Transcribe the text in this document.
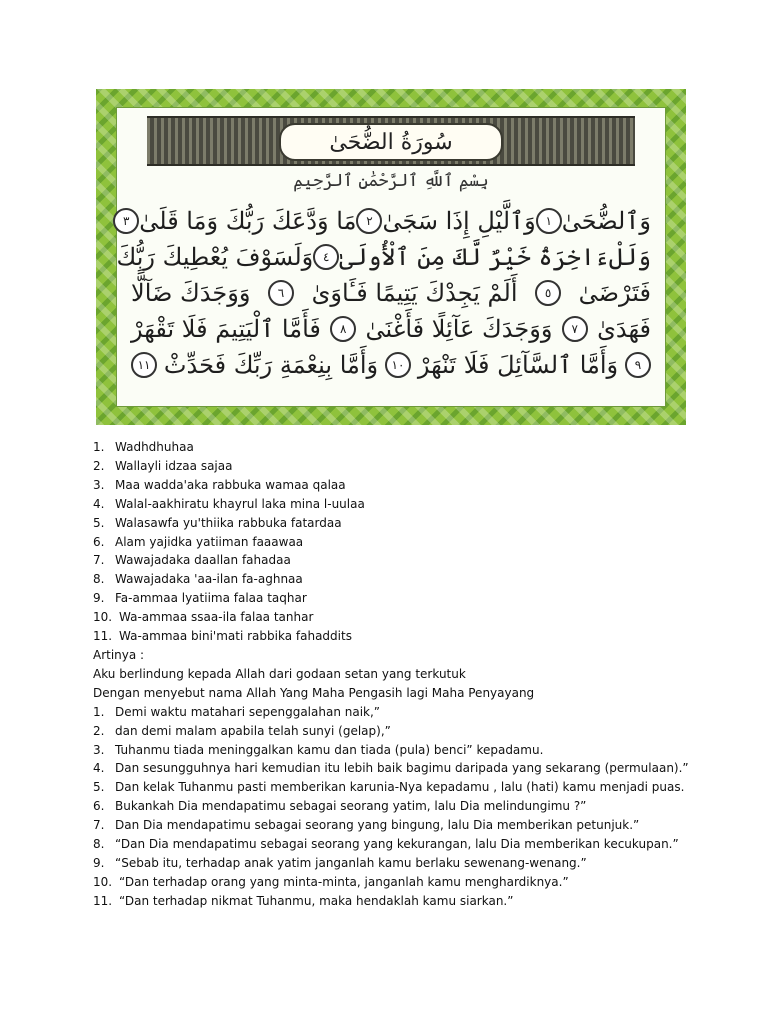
سُورَةُ الضُّحَىٰ
بِسْمِ ٱللَّهِ ٱلرَّحْمَٰنِ ٱلرَّحِيمِ
وَٱلضُّحَىٰ
١
وَٱلَّيْلِ إِذَا سَجَىٰ
٢
مَا وَدَّعَكَ رَبُّكَ وَمَا قَلَىٰ
٣
وَلَلْءَاخِرَةُ خَيْرٌ لَّكَ مِنَ ٱلْأُولَىٰ
٤
وَلَسَوْفَ يُعْطِيكَ رَبُّكَ
فَتَرْضَىٰ
٥
أَلَمْ يَجِدْكَ يَتِيمًا فَـَٔاوَىٰ
٦
وَوَجَدَكَ ضَآلًّا
فَهَدَىٰ
٧
وَوَجَدَكَ عَآئِلًا فَأَغْنَىٰ
٨
فَأَمَّا ٱلْيَتِيمَ فَلَا تَقْهَرْ
٩
وَأَمَّا ٱلسَّآئِلَ فَلَا تَنْهَرْ
١٠
وَأَمَّا بِنِعْمَةِ رَبِّكَ فَحَدِّثْ
١١
1. Wadhdhuhaa
2. Wallayli idzaa sajaa
3. Maa wadda'aka rabbuka wamaa qalaa
4. Walal-aakhiratu khayrul laka mina l-uulaa
5. Walasawfa yu'thiika rabbuka fatardaa
6. Alam yajidka yatiiman faaawaa
7. Wawajadaka daallan fahadaa
8. Wawajadaka 'aa-ilan fa-aghnaa
9. Fa-ammaa lyatiima falaa taqhar
10. Wa-ammaa ssaa-ila falaa tanhar
11. Wa-ammaa bini'mati rabbika fahaddits
Artinya :
Aku berlindung kepada Allah dari godaan setan yang terkutuk
Dengan menyebut nama Allah Yang Maha Pengasih lagi Maha Penyayang
1. Demi waktu matahari sepenggalahan naik,”
2. dan demi malam apabila telah sunyi (gelap),”
3. Tuhanmu tiada meninggalkan kamu dan tiada (pula) benci” kepadamu.
4. Dan sesungguhnya hari kemudian itu lebih baik bagimu daripada yang sekarang (permulaan).”
5. Dan kelak Tuhanmu pasti memberikan karunia-Nya kepadamu , lalu (hati) kamu menjadi puas.
6. Bukankah Dia mendapatimu sebagai seorang yatim, lalu Dia melindungimu ?”
7. Dan Dia mendapatimu sebagai seorang yang bingung, lalu Dia memberikan petunjuk.”
8. “Dan Dia mendapatimu sebagai seorang yang kekurangan, lalu Dia memberikan kecukupan.”
9. “Sebab itu, terhadap anak yatim janganlah kamu berlaku sewenang-wenang.”
10. “Dan terhadap orang yang minta-minta, janganlah kamu menghardiknya.”
11. “Dan terhadap nikmat Tuhanmu, maka hendaklah kamu siarkan.”
